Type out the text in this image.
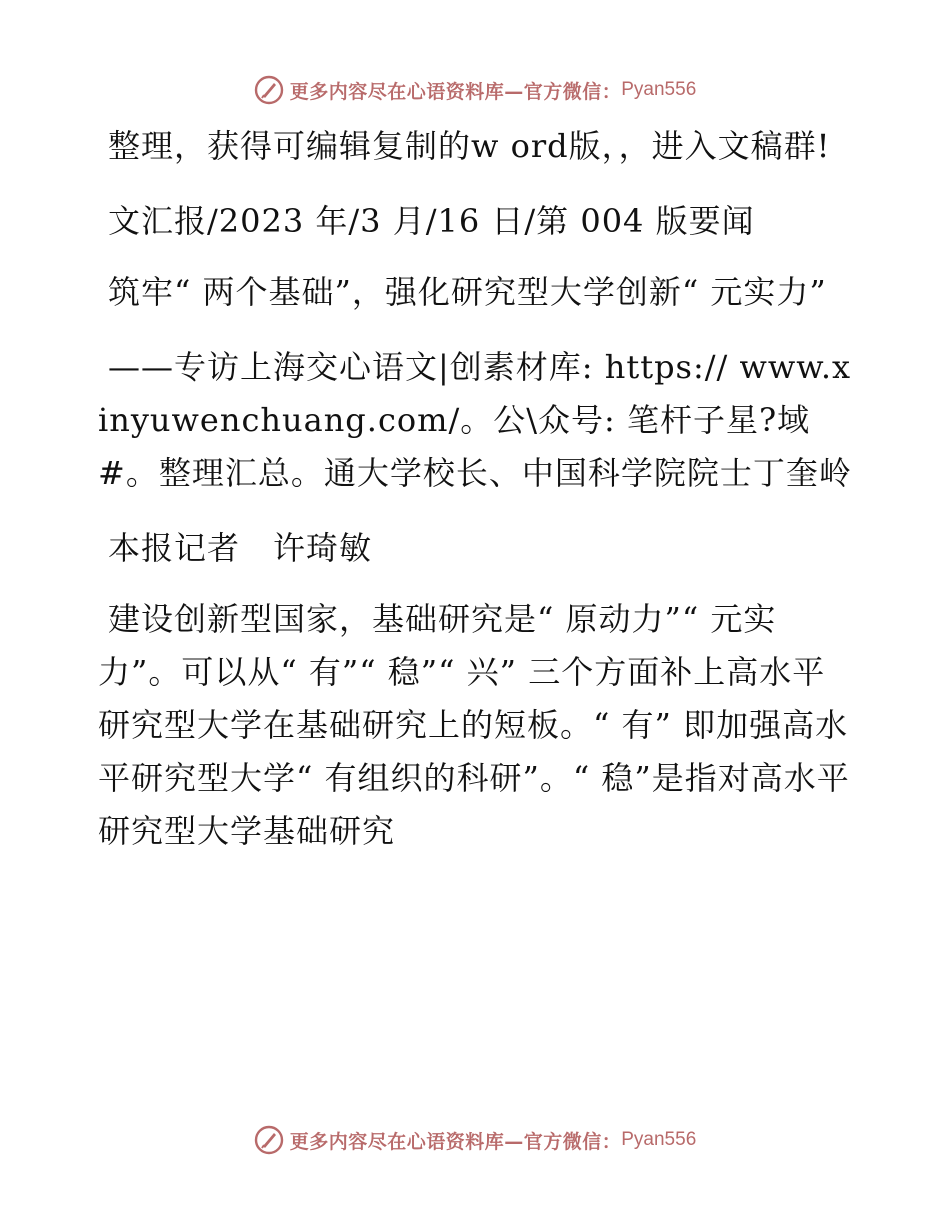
更多内容尽在心语资料库—官方微信： Pyan556

整理，获得可编辑复制的w ord版，，进入文稿群!

文汇报/2023 年/3 月/16 日/第 004 版要闻

筑牢“ 两个基础”，强化研究型大学创新“ 元实力”

——专访上海交心语文|创素材库: https:// www.xinyuwenchuang.com/。公\众号: 笔杆子星?域#。整理汇总。通大学校长、中国科学院院士丁奎岭

本报记者　许琦敏

建设创新型国家，基础研究是“ 原动力”“ 元实力”。可以从“ 有”“ 稳”“ 兴” 三个方面补上高水平研究型大学在基础研究上的短板。“ 有” 即加强高水平研究型大学“ 有组织的科研”。“ 稳”是指对高水平研究型大学基础研究

更多内容尽在心语资料库—官方微信： Pyan556
